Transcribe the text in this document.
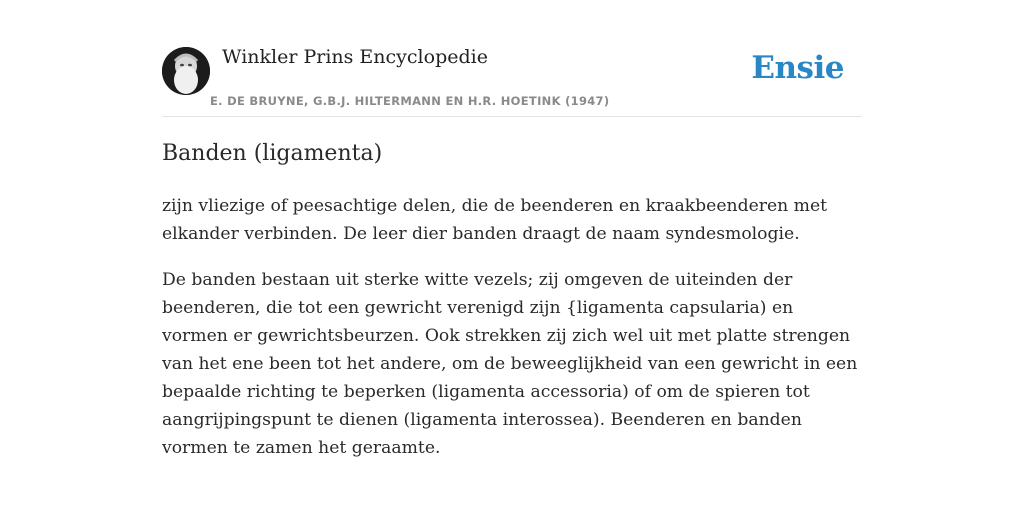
Winkler Prins Encyclopedie
E. DE BRUYNE, G.B.J. HILTERMANN EN H.R. HOETINK (1947)
Ensie
Banden (ligamenta)

zijn vliezige of peesachtige delen, die de beenderen en kraakbeenderen met elkander verbinden. De leer dier banden draagt de naam syndesmologie.

De banden bestaan uit sterke witte vezels; zij omgeven de uiteinden der beenderen, die tot een gewricht verenigd zijn {ligamenta capsularia) en vormen er gewrichtsbeurzen. Ook strekken zij zich wel uit met platte strengen van het ene been tot het andere, om de beweeglijkheid van een gewricht in een bepaalde richting te beperken (ligamenta accessoria) of om de spieren tot aangrijpingspunt te dienen (ligamenta interossea). Beenderen en banden vormen te zamen het geraamte.
